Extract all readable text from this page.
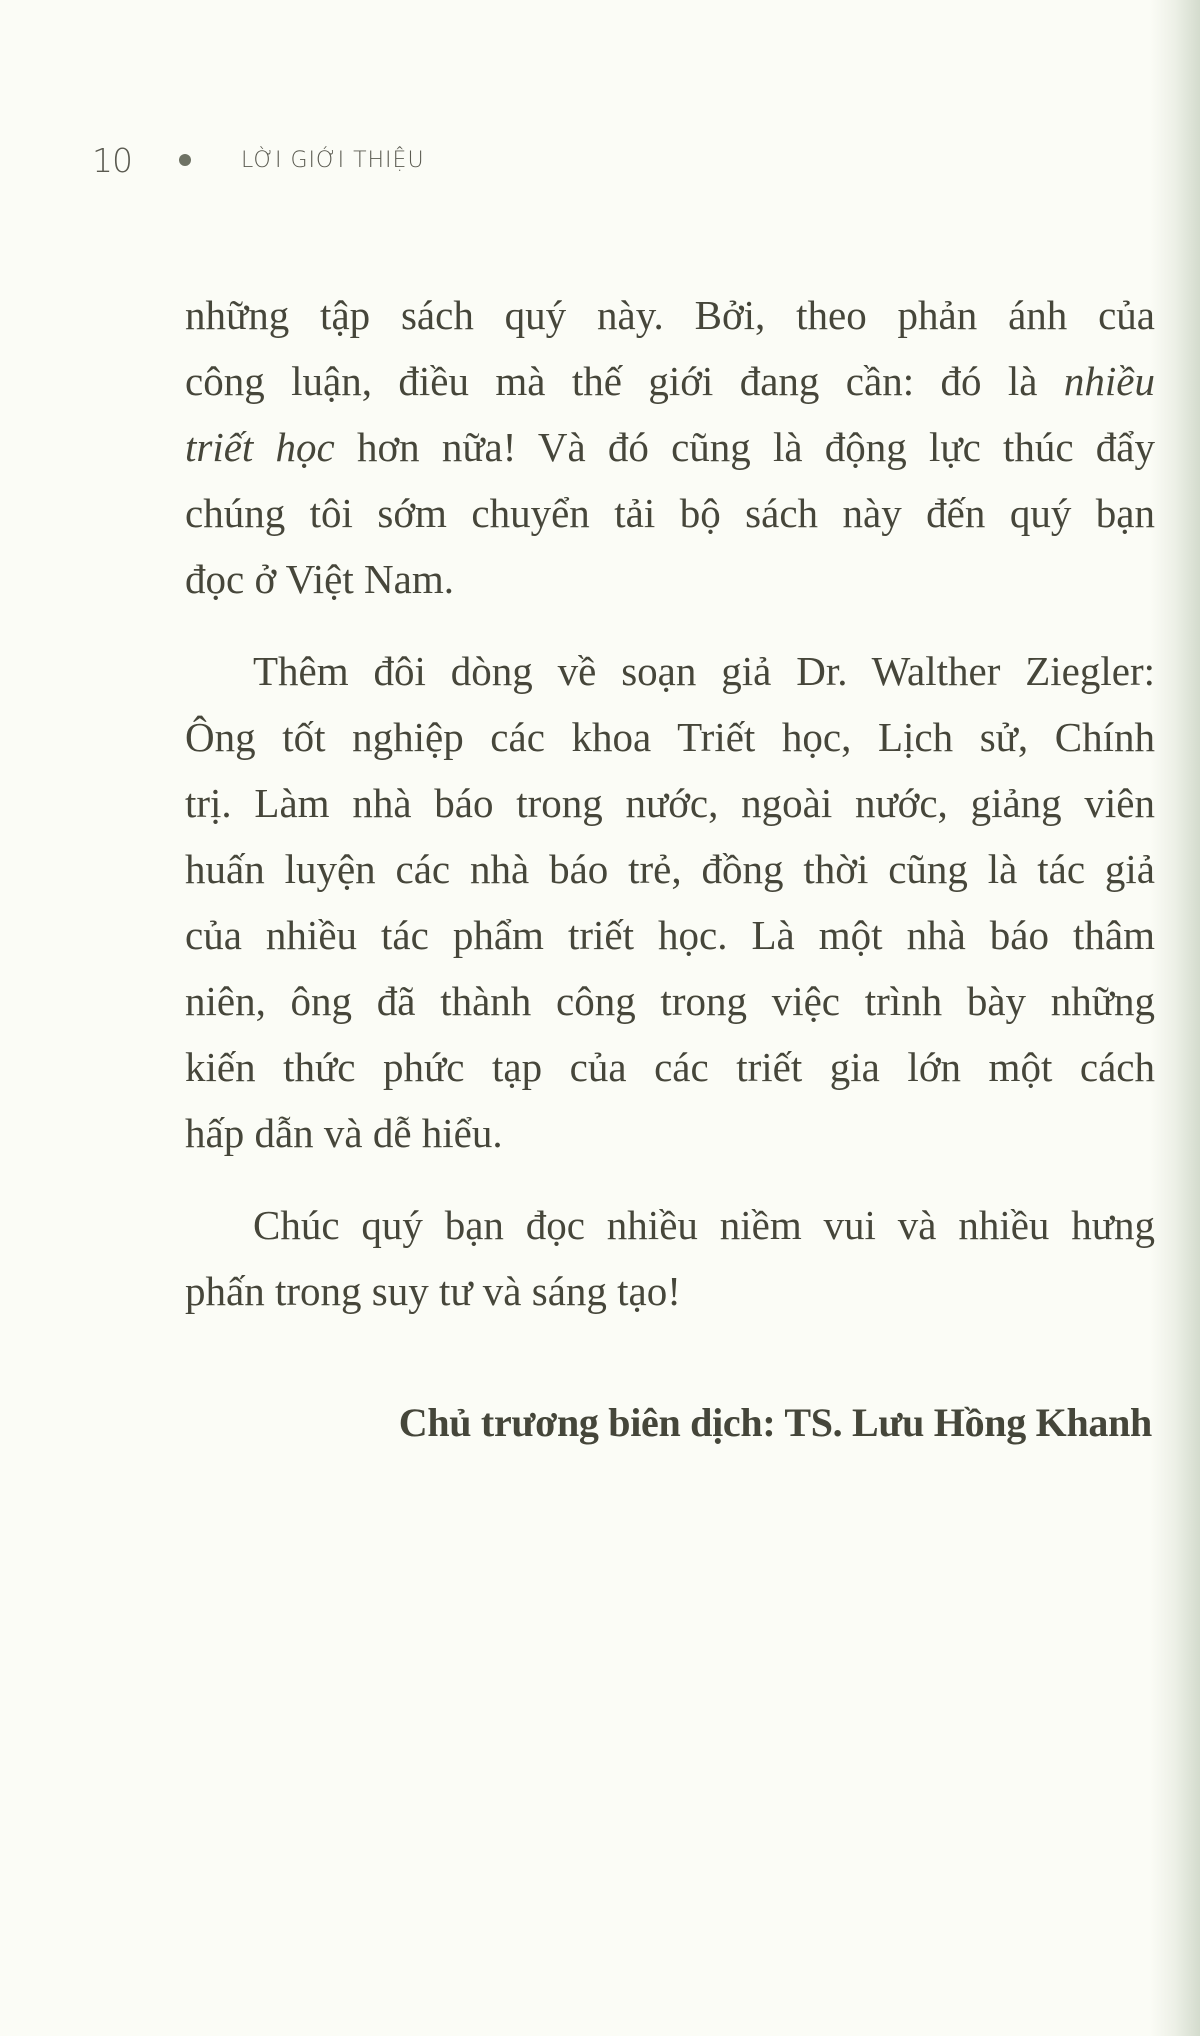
10	LỜI GIỚI THIỆU

những tập sách quý này. Bởi, theo phản ánh của
công luận, điều mà thế giới đang cần: đó là nhiều
triết học hơn nữa! Và đó cũng là động lực thúc đẩy
chúng tôi sớm chuyển tải bộ sách này đến quý bạn
đọc ở Việt Nam.

Thêm đôi dòng về soạn giả Dr. Walther Ziegler:
Ông tốt nghiệp các khoa Triết học, Lịch sử, Chính
trị. Làm nhà báo trong nước, ngoài nước, giảng viên
huấn luyện các nhà báo trẻ, đồng thời cũng là tác giả
của nhiều tác phẩm triết học. Là một nhà báo thâm
niên, ông đã thành công trong việc trình bày những
kiến thức phức tạp của các triết gia lớn một cách
hấp dẫn và dễ hiểu.

Chúc quý bạn đọc nhiều niềm vui và nhiều hưng
phấn trong suy tư và sáng tạo!

Chủ trương biên dịch: TS. Lưu Hồng Khanh
